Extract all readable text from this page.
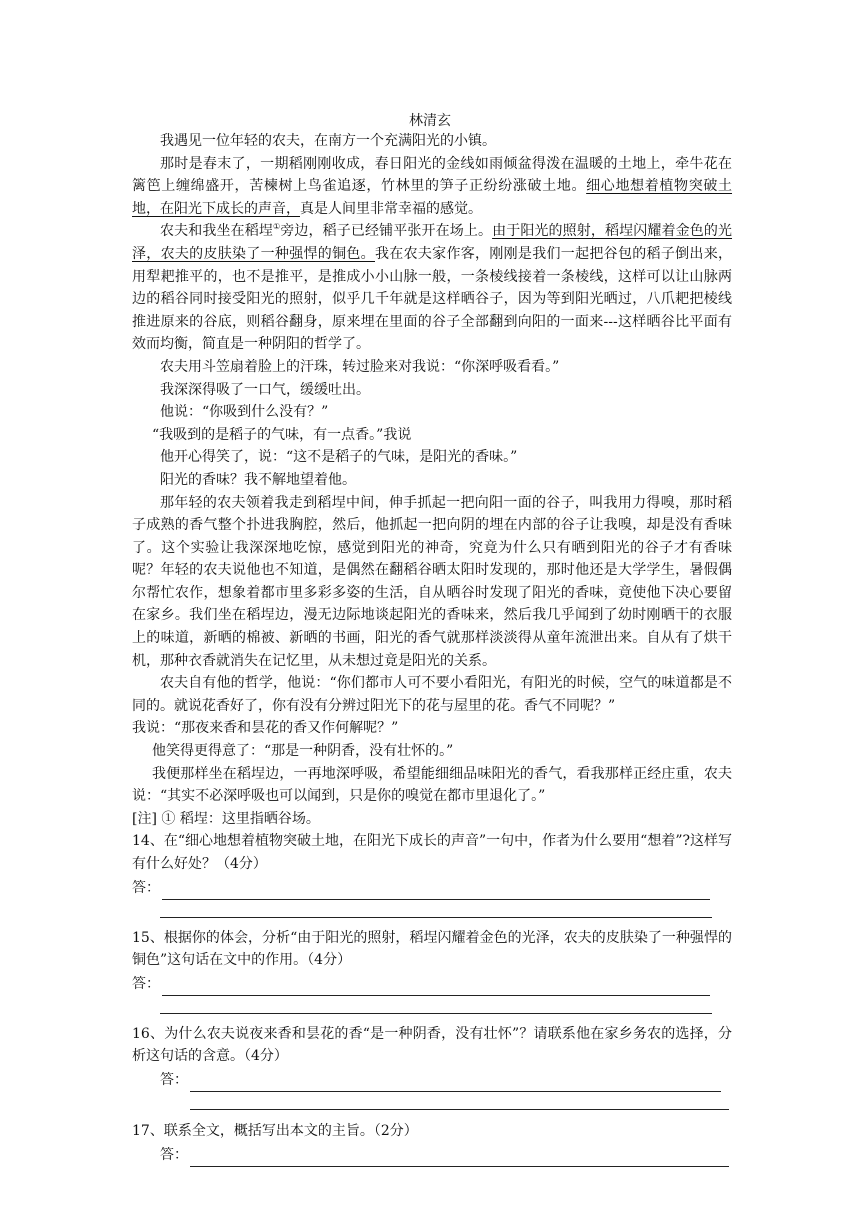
林清玄

我遇见一位年轻的农夫，在南方一个充满阳光的小镇。

那时是春末了，一期稻刚刚收成，春日阳光的金线如雨倾盆得泼在温暖的土地上，牵牛花在篱笆上缠绵盛开，苦楝树上鸟雀追逐，竹林里的笋子正纷纷涨破土地。细心地想着植物突破土地，在阳光下成长的声音，真是人间里非常幸福的感觉。

农夫和我坐在稻埕①旁边，稻子已经铺平张开在场上。由于阳光的照射，稻埕闪耀着金色的光泽，农夫的皮肤染了一种强悍的铜色。我在农夫家作客，刚刚是我们一起把谷包的稻子倒出来，用犁耙推平的，也不是推平，是推成小小山脉一般，一条棱线接着一条棱线，这样可以让山脉两边的稻谷同时接受阳光的照射，似乎几千年就是这样晒谷子，因为等到阳光晒过，八爪耙把棱线推进原来的谷底，则稻谷翻身，原来埋在里面的谷子全部翻到向阳的一面来---这样晒谷比平面有效而均衡，简直是一种阴阳的哲学了。

农夫用斗笠扇着脸上的汗珠，转过脸来对我说：“你深呼吸看看。”

我深深得吸了一口气，缓缓吐出。

他说：“你吸到什么没有？”

“我吸到的是稻子的气味，有一点香。”我说

他开心得笑了，说：“这不是稻子的气味，是阳光的香味。”

阳光的香味？我不解地望着他。

那年轻的农夫领着我走到稻埕中间，伸手抓起一把向阳一面的谷子，叫我用力得嗅，那时稻子成熟的香气整个扑进我胸腔，然后，他抓起一把向阴的埋在内部的谷子让我嗅，却是没有香味了。这个实验让我深深地吃惊，感觉到阳光的神奇，究竟为什么只有晒到阳光的谷子才有香味呢？年轻的农夫说他也不知道，是偶然在翻稻谷晒太阳时发现的，那时他还是大学学生，暑假偶尔帮忙农作，想象着都市里多彩多姿的生活，自从晒谷时发现了阳光的香味，竟使他下决心要留在家乡。我们坐在稻埕边，漫无边际地谈起阳光的香味来，然后我几乎闻到了幼时刚晒干的衣服上的味道，新晒的棉被、新晒的书画，阳光的香气就那样淡淡得从童年流泄出来。自从有了烘干机，那种衣香就消失在记忆里，从未想过竟是阳光的关系。

农夫自有他的哲学，他说：“你们都市人可不要小看阳光，有阳光的时候，空气的味道都是不同的。就说花香好了，你有没有分辨过阳光下的花与屋里的花。香气不同呢？”

我说：“那夜来香和昙花的香又作何解呢？”

他笑得更得意了：“那是一种阴香，没有壮怀的。”

我便那样坐在稻埕边，一再地深呼吸，希望能细细品味阳光的香气，看我那样正经庄重，农夫说：“其实不必深呼吸也可以闻到，只是你的嗅觉在都市里退化了。”

[注] ① 稻埕：这里指晒谷场。

14、在“细心地想着植物突破土地，在阳光下成长的声音”一句中，作者为什么要用“想着”?这样写有什么好处？（4分）

答：

15、根据你的体会，分析“由于阳光的照射，稻埕闪耀着金色的光泽，农夫的皮肤染了一种强悍的铜色”这句话在文中的作用。（4分）

答：

16、为什么农夫说夜来香和昙花的香“是一种阴香，没有壮怀”？请联系他在家乡务农的选择，分析这句话的含意。（4分）

答：

17、联系全文，概括写出本文的主旨。（2分）

答：
